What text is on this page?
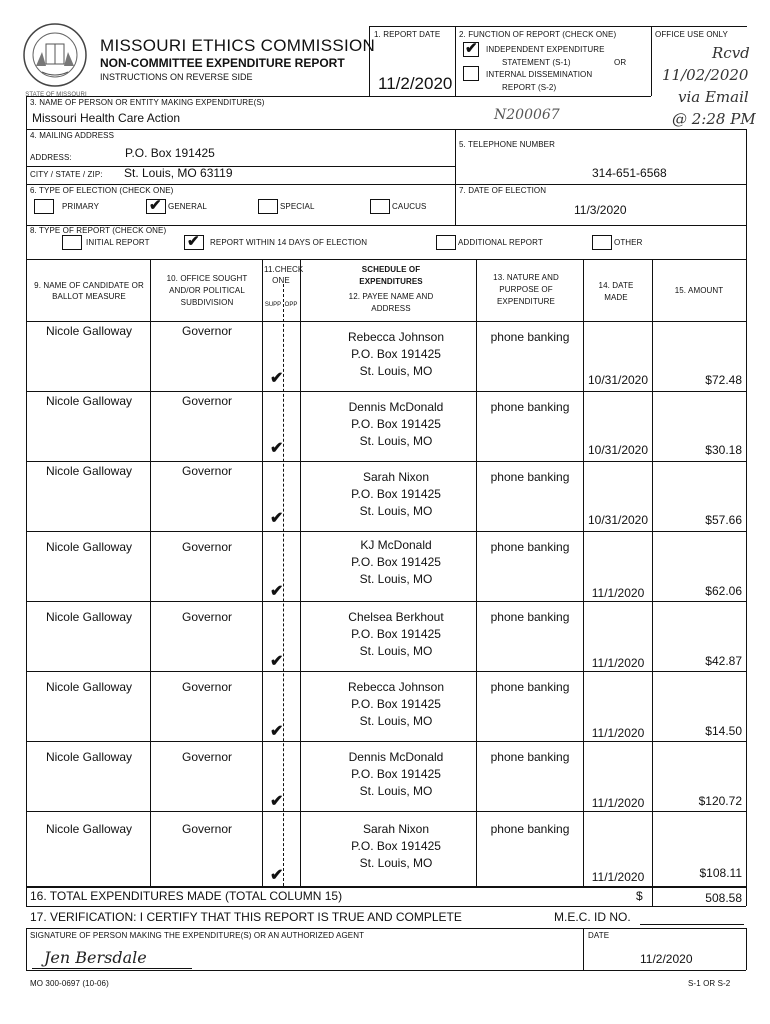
STATE OF MISSOURI
MISSOURI ETHICS COMMISSION
NON-COMMITTEE EXPENDITURE REPORT
INSTRUCTIONS ON REVERSE SIDE
1. REPORT DATE
11/2/2020
2. FUNCTION OF REPORT (CHECK ONE)
✔ INDEPENDENT EXPENDITURE
STATEMENT (S-1)	OR
INTERNAL DISSEMINATION
REPORT (S-2)
OFFICE USE ONLY
Rcvd
11/02/2020
via Email
@ 2:28 PM
3. NAME OF PERSON OR ENTITY MAKING EXPENDITURE(S)
Missouri Health Care Action	N200067
4. MAILING ADDRESS
ADDRESS:	P.O. Box 191425
CITY / STATE / ZIP: St. Louis, MO 63119
5. TELEPHONE NUMBER
314-651-6568
6. TYPE OF ELECTION (CHECK ONE)
PRIMARY	✔ GENERAL	SPECIAL	CAUCUS
7. DATE OF ELECTION
11/3/2020
8. TYPE OF REPORT (CHECK ONE)
INITIAL REPORT ✔ REPORT WITHIN 14 DAYS OF ELECTION	ADDITIONAL REPORT	OTHER
9. NAME OF CANDIDATE OR BALLOT MEASURE
10. OFFICE SOUGHT AND/OR POLITICAL SUBDIVISION
11.CHECK ONE
SUPP OPP
SCHEDULE OF EXPENDITURES
12. PAYEE NAME AND ADDRESS
13. NATURE AND PURPOSE OF EXPENDITURE
14. DATE MADE
15. AMOUNT
Nicole Galloway	Governor
✔
Rebecca Johnson
P.O. Box 191425
St. Louis, MO
phone banking
10/31/2020	$72.48
Nicole Galloway	Governor
✔
Dennis McDonald
P.O. Box 191425
St. Louis, MO
phone banking
10/31/2020	$30.18
Nicole Galloway	Governor
✔
Sarah Nixon
P.O. Box 191425
St. Louis, MO
phone banking
10/31/2020	$57.66
Nicole Galloway	Governor
✔
KJ McDonald
P.O. Box 191425
St. Louis, MO
phone banking
11/1/2020	$62.06
Nicole Galloway	Governor
✔
Chelsea Berkhout
P.O. Box 191425
St. Louis, MO
phone banking
11/1/2020	$42.87
Nicole Galloway	Governor
✔
Rebecca Johnson
P.O. Box 191425
St. Louis, MO
phone banking
11/1/2020	$14.50
Nicole Galloway	Governor
✔
Dennis McDonald
P.O. Box 191425
St. Louis, MO
phone banking
11/1/2020	$120.72
Nicole Galloway	Governor
✔
Sarah Nixon
P.O. Box 191425
St. Louis, MO
phone banking
11/1/2020	$108.11
16. TOTAL EXPENDITURES MADE (TOTAL COLUMN 15)	$	508.58
17. VERIFICATION: I CERTIFY THAT THIS REPORT IS TRUE AND COMPLETE	M.E.C. ID NO.
SIGNATURE OF PERSON MAKING THE EXPENDITURE(S) OR AN AUTHORIZED AGENT
Jen Bersdale
DATE
11/2/2020
MO 300-0697 (10-06)	S-1 OR S-2
